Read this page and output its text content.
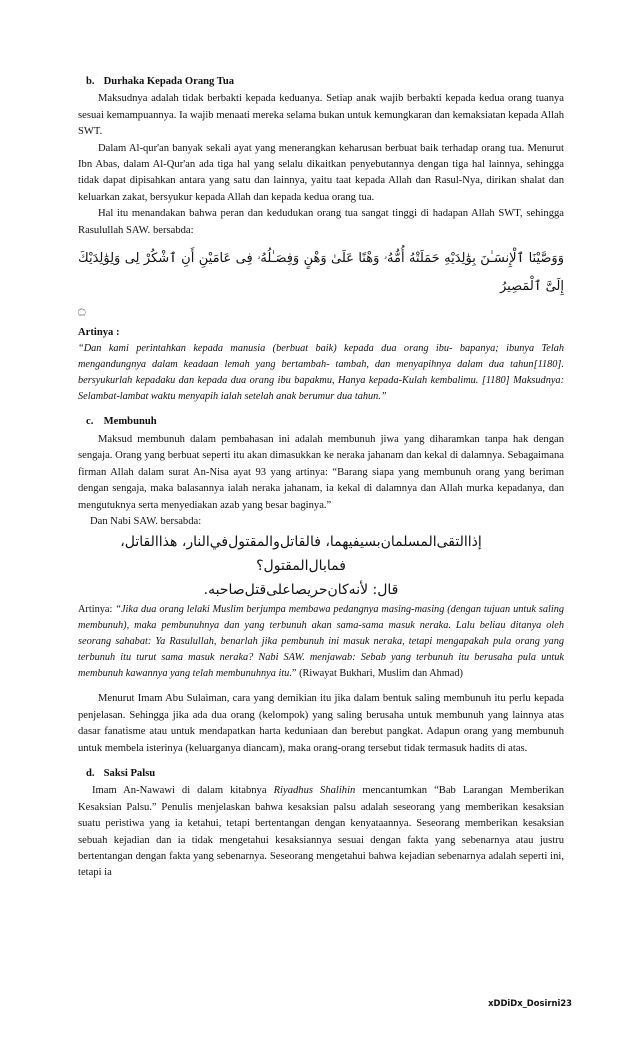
b. Durhaka Kepada Orang Tua

Maksudnya adalah tidak berbakti kepada keduanya. Setiap anak wajib berbakti kepada kedua orang tuanya sesuai kemampuannya. Ia wajib menaati mereka selama bukan untuk kemungkaran dan kemaksiatan kepada Allah SWT.

Dalam Al-qur'an banyak sekali ayat yang menerangkan keharusan berbuat baik terhadap orang tua. Menurut Ibn Abas, dalam Al-Qur'an ada tiga hal yang selalu dikaitkan penyebutannya dengan tiga hal lainnya, sehingga tidak dapat dipisahkan antara yang satu dan lainnya, yaitu taat kepada Allah dan Rasul-Nya, dirikan shalat dan keluarkan zakat, bersyukur kepada Allah dan kepada kedua orang tua.

Hal itu menandakan bahwa peran dan kedudukan orang tua sangat tinggi di hadapan Allah SWT, sehingga Rasulullah SAW. bersabda:

وَوَصَّيْنَا ٱلْإِنسَـٰنَ بِوَٰلِدَيْهِ حَمَلَتْهُ أُمُّهُۥ وَهْنًا عَلَىٰ وَهْنٍ وَفِصَـٰلُهُۥ فِى عَامَيْنِ أَنِ ٱشْكُرْ لِى وَلِوَٰلِدَيْكَ إِلَىَّ ٱلْمَصِيرُ
۝

Artinya :

“Dan kami perintahkan kepada manusia (berbuat baik) kepada dua orang ibu- bapanya; ibunya Telah mengandungnya dalam keadaan lemah yang bertambah- tambah, dan menyapihnya dalam dua tahun[1180]. bersyukurlah kepadaku dan kepada dua orang ibu bapakmu, Hanya kepada-Kulah kembalimu. [1180] Maksudnya: Selambat-lambat waktu menyapih ialah setelah anak berumur dua tahun.”

c. Membunuh

Maksud membunuh dalam pembahasan ini adalah membunuh jiwa yang diharamkan tanpa hak dengan sengaja. Orang yang berbuat seperti itu akan dimasukkan ke neraka jahanam dan kekal di dalamnya. Sebagaimana firman Allah dalam surat An-Nisa ayat 93 yang artinya: “Barang siapa yang membunuh orang yang beriman dengan sengaja, maka balasannya ialah neraka jahanam, ia kekal di dalamnya dan Allah murka kepadanya, dan mengutuknya serta menyediakan azab yang besar baginya.”

Dan Nabi SAW. bersabda:

إذاالتقى‌المسلمان‌بسيفيهما، فالقاتل‌والمقتول‌في‌النار، هذاالقاتل، فمابال‌المقتول؟
قال: لأنه‌كان‌حريصا‌على‌قتل‌صاحبه.

Artinya: “Jika dua orang lelaki Muslim berjumpa membawa pedangnya masing-masing (dengan tujuan untuk saling membunuh), maka pembunuhnya dan yang terbunuh akan sama-sama masuk neraka. Lalu beliau ditanya oleh seorang sahabat: Ya Rasulullah, benarlah jika pembunuh ini masuk neraka, tetapi mengapakah pula orang yang terbunuh itu turut sama masuk neraka? Nabi SAW. menjawab: Sebab yang terbunuh itu berusaha pula untuk membunuh kawannya yang telah membunuhnya itu.” (Riwayat Bukhari, Muslim dan Ahmad)

Menurut Imam Abu Sulaiman, cara yang demikian itu jika dalam bentuk saling membunuh itu perlu kepada penjelasan. Sehingga jika ada dua orang (kelompok) yang saling berusaha untuk membunuh yang lainnya atas dasar fanatisme atau untuk mendapatkan harta keduniaan dan berebut pangkat. Adapun orang yang membunuh untuk membela isterinya (keluarganya diancam), maka orang-orang tersebut tidak termasuk hadits di atas.

d. Saksi Palsu

Imam An-Nawawi di dalam kitabnya Riyadhus Shalihin mencantumkan “Bab Larangan Memberikan Kesaksian Palsu.” Penulis menjelaskan bahwa kesaksian palsu adalah seseorang yang memberikan kesaksian suatu peristiwa yang ia ketahui, tetapi bertentangan dengan kenyataannya. Seseorang memberikan kesaksian sebuah kejadian dan ia tidak mengetahui kesaksiannya sesuai dengan fakta yang sebenarnya atau justru bertentangan dengan fakta yang sebenarnya. Seseorang mengetahui bahwa kejadian sebenarnya adalah seperti ini, tetapi ia

xDDiDx_Dosirni23
